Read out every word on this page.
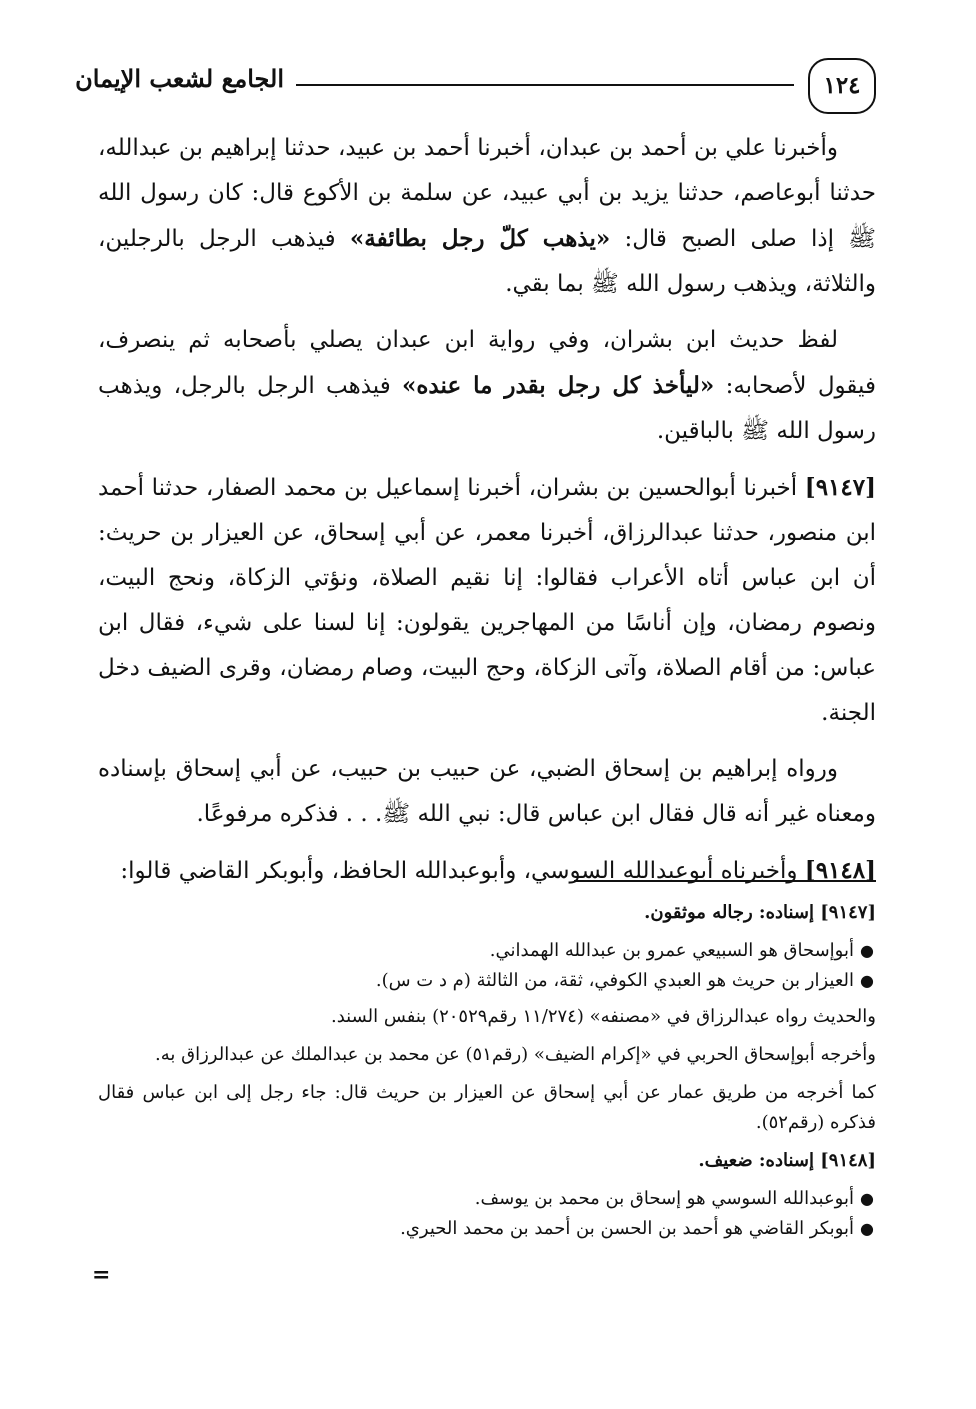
١٢٤
الجامع لشعب الإيمان

وأخبرنا علي بن أحمد بن عبدان، أخبرنا أحمد بن عبيد، حدثنا إبراهيم بن عبدالله، حدثنا أبوعاصم، حدثنا يزيد بن أبي عبيد، عن سلمة بن الأكوع قال: كان رسول الله ﷺ إذا صلى الصبح قال: «يذهب كلّ رجل بطائفة» فيذهب الرجل بالرجلين، والثلاثة، ويذهب رسول الله ﷺ بما بقي.

لفظ حديث ابن بشران، وفي رواية ابن عبدان يصلي بأصحابه ثم ينصرف، فيقول لأصحابه: «ليأخذ كل رجل بقدر ما عنده» فيذهب الرجل بالرجل، ويذهب رسول الله ﷺ بالباقين.

[٩١٤٧] أخبرنا أبوالحسين بن بشران، أخبرنا إسماعيل بن محمد الصفار، حدثنا أحمد ابن منصور، حدثنا عبدالرزاق، أخبرنا معمر، عن أبي إسحاق، عن العيزار بن حريث: أن ابن عباس أتاه الأعراب فقالوا: إنا نقيم الصلاة، ونؤتي الزكاة، ونحج البيت، ونصوم رمضان، وإن أناسًا من المهاجرين يقولون: إنا لسنا على شيء، فقال ابن عباس: من أقام الصلاة، وآتى الزكاة، وحج البيت، وصام رمضان، وقرى الضيف دخل الجنة.

ورواه إبراهيم بن إسحاق الضبي، عن حبيب بن حبيب، عن أبي إسحاق بإسناده ومعناه غير أنه قال فقال ابن عباس قال: نبي الله ﷺ. . . فذكره مرفوعًا.

[٩١٤٨] وأخبرناه أبوعبدالله السوسي، وأبوعبدالله الحافظ، وأبوبكر القاضي قالوا:

[٩١٤٧] إسناده: رجاله موثقون.

●
أبوإسحاق هو السبيعي عمرو بن عبدالله الهمداني.
●
العيزار بن حريث هو العبدي الكوفي، ثقة، من الثالثة (م د ت س).

والحديث رواه عبدالرزاق في «مصنفه» (١١/٢٧٤ رقم٢٠٥٢٩) بنفس السند.

وأخرجه أبوإسحاق الحربي في «إكرام الضيف» (رقم٥١) عن محمد بن عبدالملك عن عبدالرزاق به.

كما أخرجه من طريق عمار عن أبي إسحاق عن العيزار بن حريث قال: جاء رجل إلى ابن عباس فقال فذكره (رقم٥٢).

[٩١٤٨] إسناده: ضعيف.

●
أبوعبدالله السوسي هو إسحاق بن محمد بن يوسف.
●
أبوبكر القاضي هو أحمد بن الحسن بن أحمد بن محمد الحيري.
=
